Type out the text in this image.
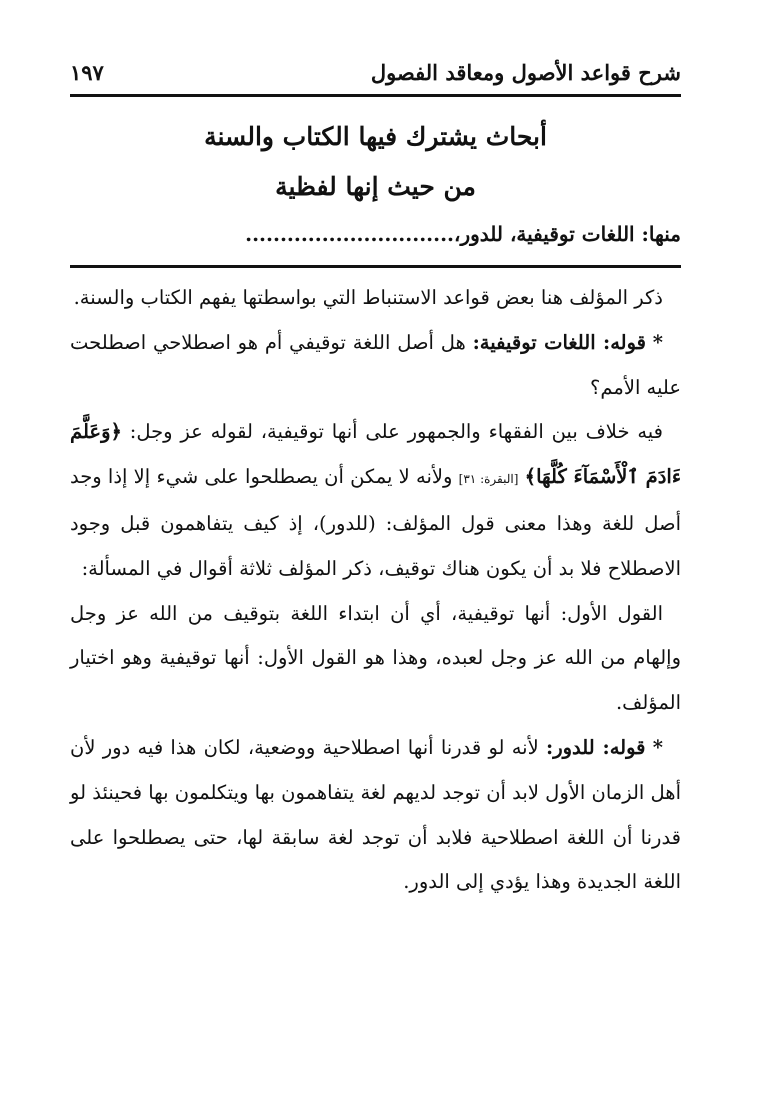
شرح قواعد الأصول ومعاقد الفصول
١٩٧
أبحاث يشترك فيها الكتاب والسنة
من حيث إنها لفظية
منها: اللغات توقيفية، للدور،..............................

ذكر المؤلف هنا بعض قواعد الاستنباط التي بواسطتها يفهم الكتاب والسنة.

* قوله: اللغات توقيفية: هل أصل اللغة توقيفي أم هو اصطلاحي اصطلحت عليه الأمم؟

فيه خلاف بين الفقهاء والجمهور على أنها توقيفية، لقوله عز وجل: ﴿وَعَلَّمَ ءَادَمَ ٱلْأَسْمَآءَ كُلَّهَا﴾ [البقرة: ٣١] ولأنه لا يمكن أن يصطلحوا على شيء إلا إذا وجد أصل للغة وهذا معنى قول المؤلف: (للدور)، إذ كيف يتفاهمون قبل وجود الاصطلاح فلا بد أن يكون هناك توقيف، ذكر المؤلف ثلاثة أقوال في المسألة:

القول الأول: أنها توقيفية، أي أن ابتداء اللغة بتوقيف من الله عز وجل وإلهام من الله عز وجل لعبده، وهذا هو القول الأول: أنها توقيفية وهو اختيار المؤلف.

* قوله: للدور: لأنه لو قدرنا أنها اصطلاحية ووضعية، لكان هذا فيه دور لأن أهل الزمان الأول لابد أن توجد لديهم لغة يتفاهمون بها ويتكلمون بها فحينئذ لو قدرنا أن اللغة اصطلاحية فلابد أن توجد لغة سابقة لها، حتى يصطلحوا على اللغة الجديدة وهذا يؤدي إلى الدور.
